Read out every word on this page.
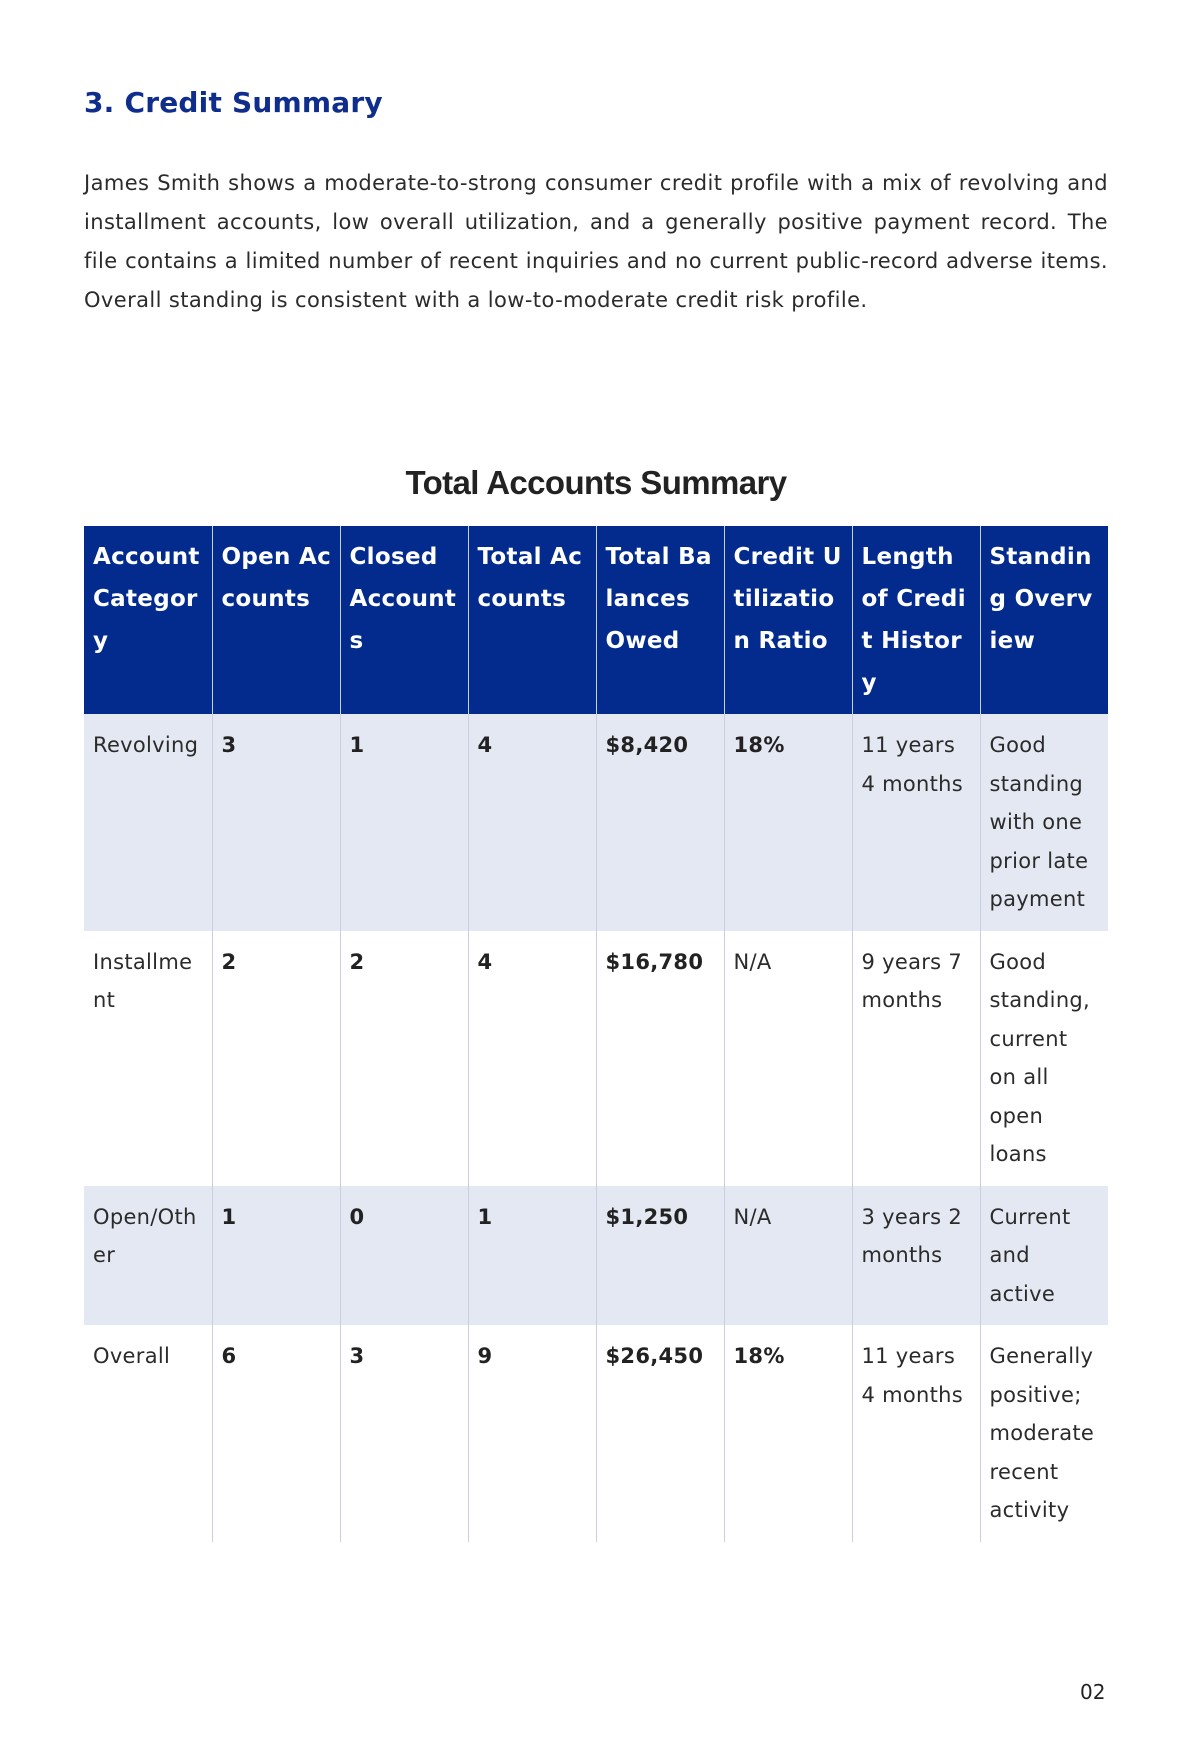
3. Credit Summary

James Smith shows a moderate-to-strong consumer credit profile with a mix of revolving and installment accounts, low overall utilization, and a generally positive payment record. The file contains a limited number of recent inquiries and no current public-record adverse items. Overall standing is consistent with a low-to-moderate credit risk profile.

Total Accounts Summary
Account Category	Open Accounts	Closed Accounts	Total Accounts	Total Balances Owed	Credit Utilization Ratio	Length of Credit History	Standing Overview
Revolving	3	1	4	$8,420	18%	11 years 4 months	Good standing with one prior late payment
Installment	2	2	4	$16,780	N/A	9 years 7 months	Good standing, current on all open loans
Open/Other	1	0	1	$1,250	N/A	3 years 2 months	Current and active
Overall	6	3	9	$26,450	18%	11 years 4 months	Generally positive; moderate recent activity
02
